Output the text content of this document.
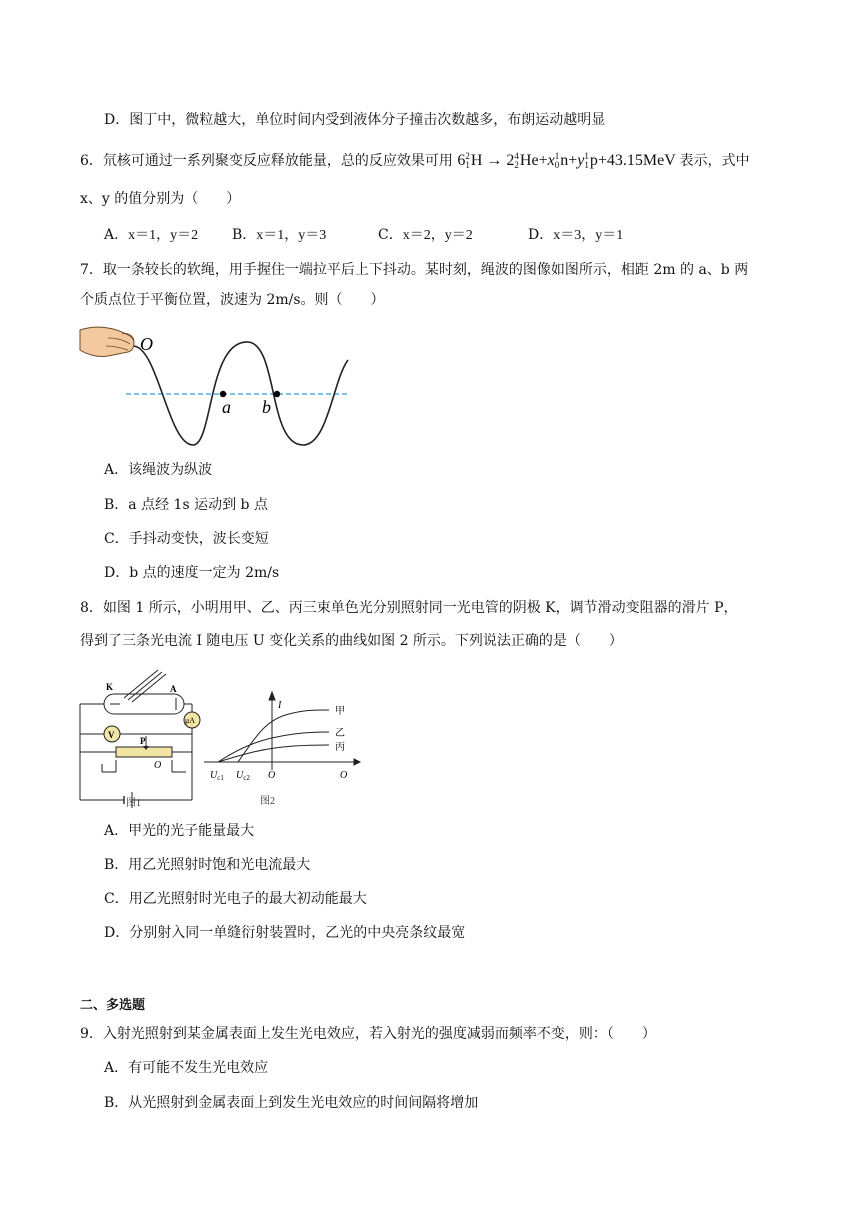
D．图丁中，微粒越大，单位时间内受到液体分子撞击次数越多，布朗运动越明显
6．氘核可通过一系列聚变反应释放能量，总的反应效果可用 6 2
1 H → 2 4
2 He+x 1
0 n+y 1
1 p+43.15MeV 表示，式中
x、y 的值分别为（　　）
A．x＝1，y＝2 B．x＝1，y＝3	C．x＝2，y＝2	D．x＝3，y＝1
7．取一条较长的软绳，用手握住一端拉平后上下抖动。某时刻，绳波的图像如图所示，相距 2m 的 a、b 两
个质点位于平衡位置，波速为 2m/s。则（　　）
O
a b
A．该绳波为纵波
B．a 点经 1s 运动到 b 点
C．手抖动变快，波长变短
D．b 点的速度一定为 2m/s
8．如图 1 所示，小明用甲、乙、丙三束单色光分别照射同一光电管的阴极 K，调节滑动变阻器的滑片 P，
得到了三条光电流 I 随电压 U 变化关系的曲线如图 2 所示。下列说法正确的是（　　）
K	A
μA
V
P
O
图1
I
甲
乙
丙
$U_{c1}$ $U_{c2}$ O	O
图2
A．甲光的光子能量最大
B．用乙光照射时饱和光电流最大
C．用乙光照射时光电子的最大初动能最大
D．分别射入同一单缝衍射装置时，乙光的中央亮条纹最宽
二、多选题
9．入射光照射到某金属表面上发生光电效应，若入射光的强度减弱而频率不变，则：（　　）
A．有可能不发生光电效应
B．从光照射到金属表面上到发生光电效应的时间间隔将增加
